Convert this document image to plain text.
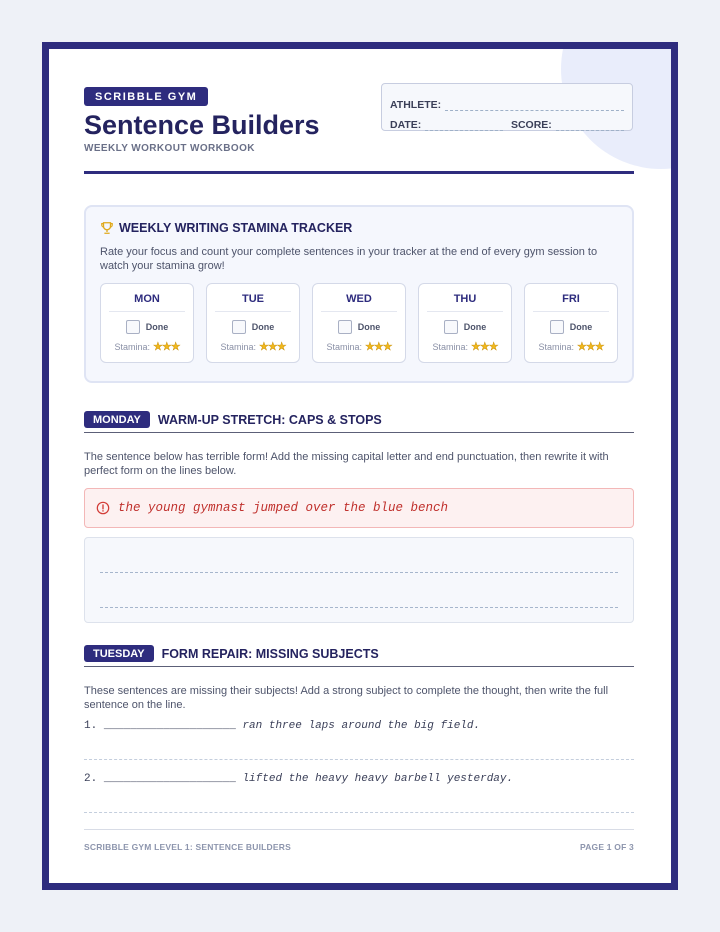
SCRIBBLE GYM
Sentence Builders
WEEKLY WORKOUT WORKBOOK
ATHLETE:
DATE:	SCORE:
WEEKLY WRITING STAMINA TRACKER
Rate your focus and count your complete sentences in your tracker at the end of every gym session to watch your stamina grow!
MON
Done
Stamina: ★★★
TUE
Done
Stamina: ★★★
WED
Done
Stamina: ★★★
THU
Done
Stamina: ★★★
FRI
Done
Stamina: ★★★
MONDAY	WARM-UP STRETCH: CAPS & STOPS
The sentence below has terrible form! Add the missing capital letter and end punctuation, then rewrite it with perfect form on the lines below.
the young gymnast jumped over the blue bench
TUESDAY	FORM REPAIR: MISSING SUBJECTS
These sentences are missing their subjects! Add a strong subject to complete the thought, then write the full sentence on the line.
1. ____________________ ran three laps around the big field.
2. ____________________ lifted the heavy heavy barbell yesterday.
SCRIBBLE GYM LEVEL 1: SENTENCE BUILDERS	PAGE 1 OF 3
